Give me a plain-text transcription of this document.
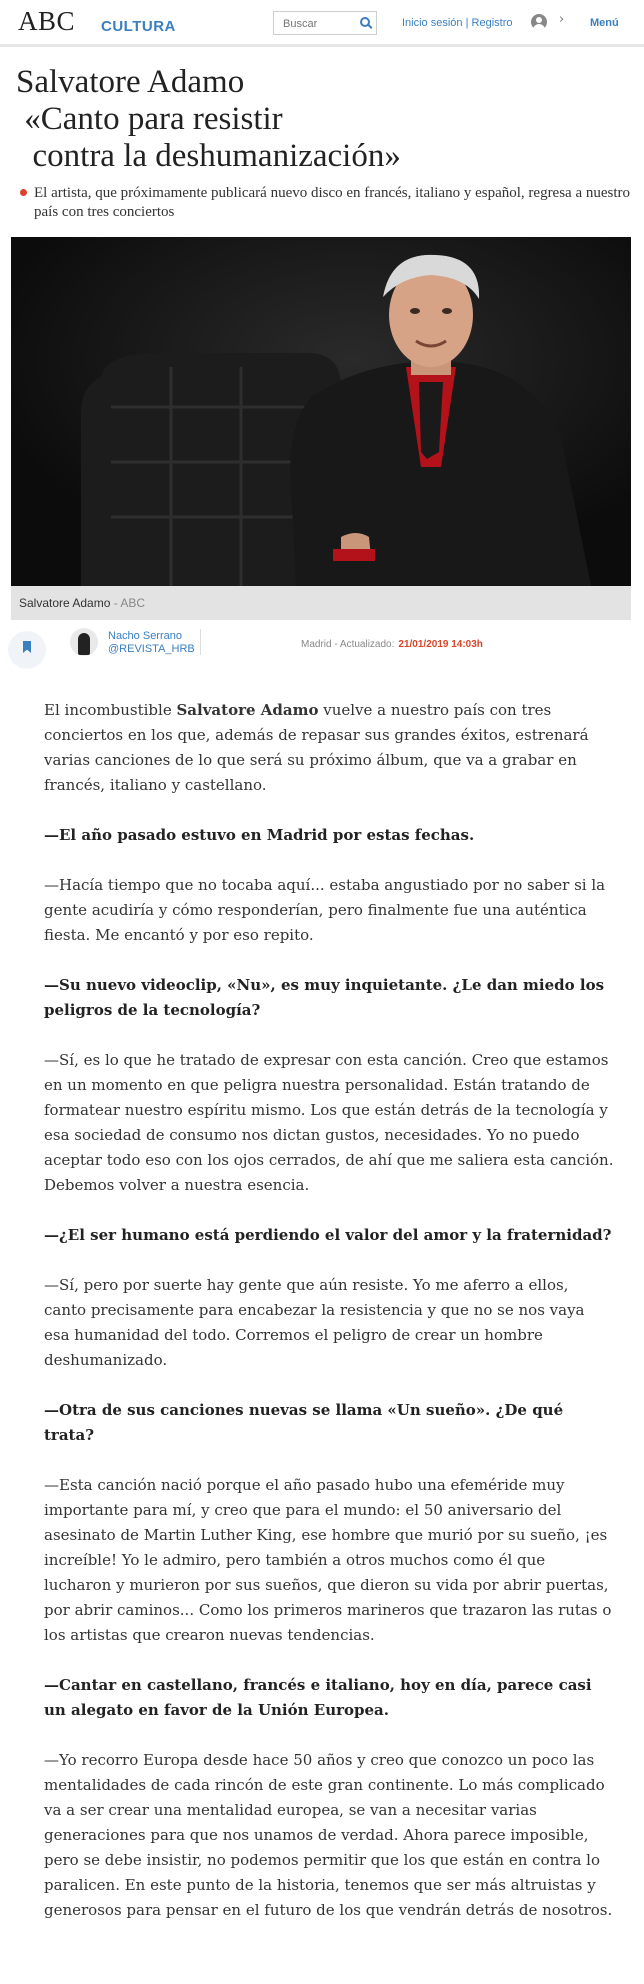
ABC CULTURA
Buscar	Inicio sesión | Registro	› Menú
Salvatore Adamo
«Canto para resistir
contra la deshumanización»
El artista, que próximamente publicará nuevo disco en francés, italiano y español, regresa a nuestro país con tres conciertos
Salvatore Adamo - ABC
Nacho Serrano
@REVISTA_HRB	Madrid - Actualizado: 21/01/2019 14:03h

El incombustible Salvatore Adamo vuelve a nuestro país con tres conciertos en los que, además de repasar sus grandes éxitos, estrenará varias canciones de lo que será su próximo álbum, que va a grabar en francés, italiano y castellano.

—El año pasado estuvo en Madrid por estas fechas.

—Hacía tiempo que no tocaba aquí... estaba angustiado por no saber si la gente acudiría y cómo responderían, pero finalmente fue una auténtica fiesta. Me encantó y por eso repito.

—Su nuevo videoclip, «Nu», es muy inquietante. ¿Le dan miedo los peligros de la tecnología?

—Sí, es lo que he tratado de expresar con esta canción. Creo que estamos en un momento en que peligra nuestra personalidad. Están tratando de formatear nuestro espíritu mismo. Los que están detrás de la tecnología y esa sociedad de consumo nos dictan gustos, necesidades. Yo no puedo aceptar todo eso con los ojos cerrados, de ahí que me saliera esta canción. Debemos volver a nuestra esencia.

—¿El ser humano está perdiendo el valor del amor y la fraternidad?

—Sí, pero por suerte hay gente que aún resiste. Yo me aferro a ellos, canto precisamente para encabezar la resistencia y que no se nos vaya esa humanidad del todo. Corremos el peligro de crear un hombre deshumanizado.

—Otra de sus canciones nuevas se llama «Un sueño». ¿De qué trata?

—Esta canción nació porque el año pasado hubo una efeméride muy importante para mí, y creo que para el mundo: el 50 aniversario del asesinato de Martin Luther King, ese hombre que murió por su sueño, ¡es increíble! Yo le admiro, pero también a otros muchos como él que lucharon y murieron por sus sueños, que dieron su vida por abrir puertas, por abrir caminos... Como los primeros marineros que trazaron las rutas o los artistas que crearon nuevas tendencias.

—Cantar en castellano, francés e italiano, hoy en día, parece casi un alegato en favor de la Unión Europea.

—Yo recorro Europa desde hace 50 años y creo que conozco un poco las mentalidades de cada rincón de este gran continente. Lo más complicado va a ser crear una mentalidad europea, se van a necesitar varias generaciones para que nos unamos de verdad. Ahora parece imposible, pero se debe insistir, no podemos permitir que los que están en contra lo paralicen. En este punto de la historia, tenemos que ser más altruistas y generosos para pensar en el futuro de los que vendrán detrás de nosotros.
